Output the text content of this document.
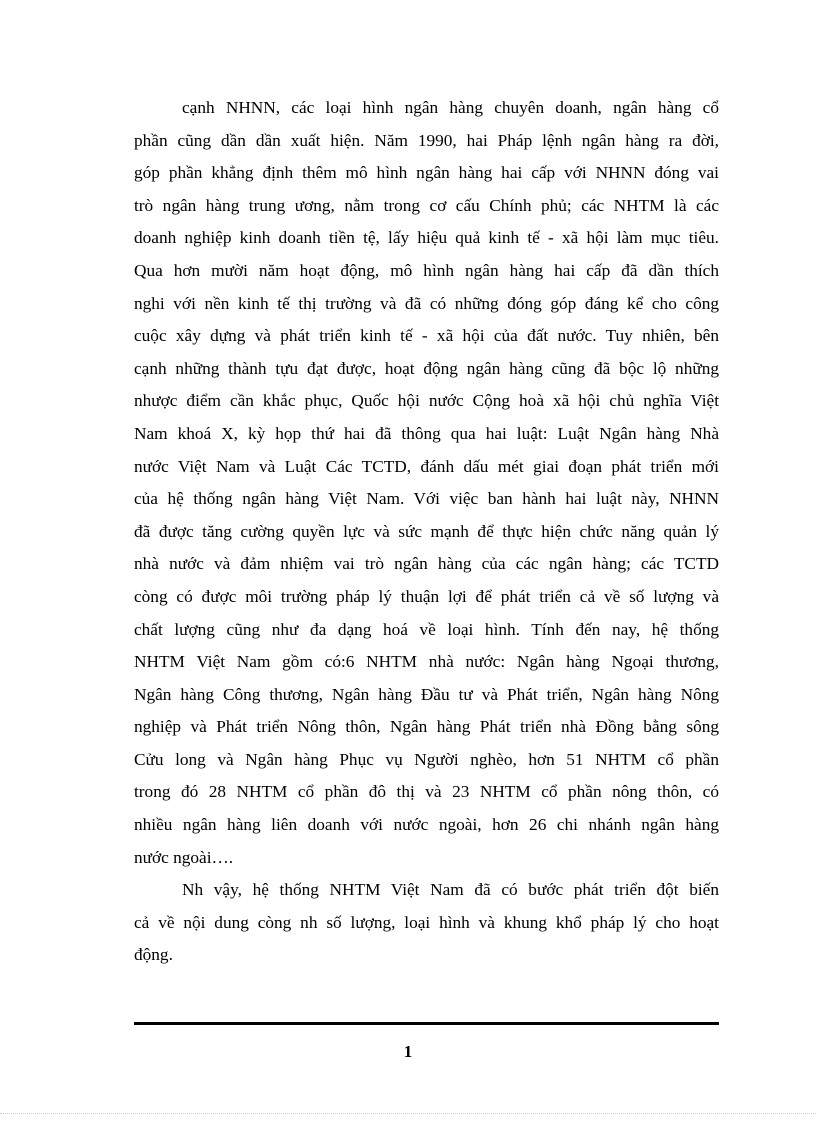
cạnh NHNN, các loại hình ngân hàng chuyên doanh, ngân hàng cổ
phần cũng dần dần xuất hiện. Năm 1990, hai Pháp lệnh ngân hàng ra đời,
góp phần khẳng định thêm mô hình ngân hàng hai cấp với NHNN đóng vai
trò ngân hàng trung ương, nằm trong cơ cấu Chính phủ; các NHTM là các
doanh nghiệp kinh doanh tiền tệ, lấy hiệu quả kinh tế - xã hội làm mục tiêu.
Qua hơn mười năm hoạt động, mô hình ngân hàng hai cấp đã dần thích
nghi với nền kinh tế thị trường và đã có những đóng góp đáng kể cho công
cuộc xây dựng và phát triển kinh tế - xã hội của đất nước. Tuy nhiên, bên
cạnh những thành tựu đạt được, hoạt động ngân hàng cũng đã bộc lộ những
nhược điểm cần khắc phục, Quốc hội nước Cộng hoà xã hội chủ nghĩa Việt
Nam khoá X, kỳ họp thứ hai đã thông qua hai luật: Luật Ngân hàng Nhà
nước Việt Nam và Luật Các TCTD, đánh dấu mét giai đoạn phát triển mới
của hệ thống ngân hàng Việt Nam. Với việc ban hành hai luật này, NHNN
đã được tăng cường quyền lực và sức mạnh để thực hiện chức năng quản lý
nhà nước và đảm nhiệm vai trò ngân hàng của các ngân hàng; các TCTD
còng có được môi trường pháp lý thuận lợi để phát triển cả về số lượng và
chất lượng cũng như đa dạng hoá về loại hình. Tính đến nay, hệ thống
NHTM Việt Nam gồm có:6 NHTM nhà nước: Ngân hàng Ngoại thương,
Ngân hàng Công thương, Ngân hàng Đầu tư và Phát triển, Ngân hàng Nông
nghiệp và Phát triển Nông thôn, Ngân hàng Phát triển nhà Đồng bằng sông
Cửu long và Ngân hàng Phục vụ Người nghèo, hơn 51 NHTM cổ phần
trong đó 28 NHTM cổ phần đô thị và 23 NHTM cổ phần nông thôn, có
nhiều ngân hàng liên doanh với nước ngoài, hơn 26 chi nhánh ngân hàng
nước ngoài….
Nh vậy, hệ thống NHTM Việt Nam đã có bước phát triển đột biến
cả về nội dung còng nh số lượng, loại hình và khung khổ pháp lý cho hoạt
động.
1
